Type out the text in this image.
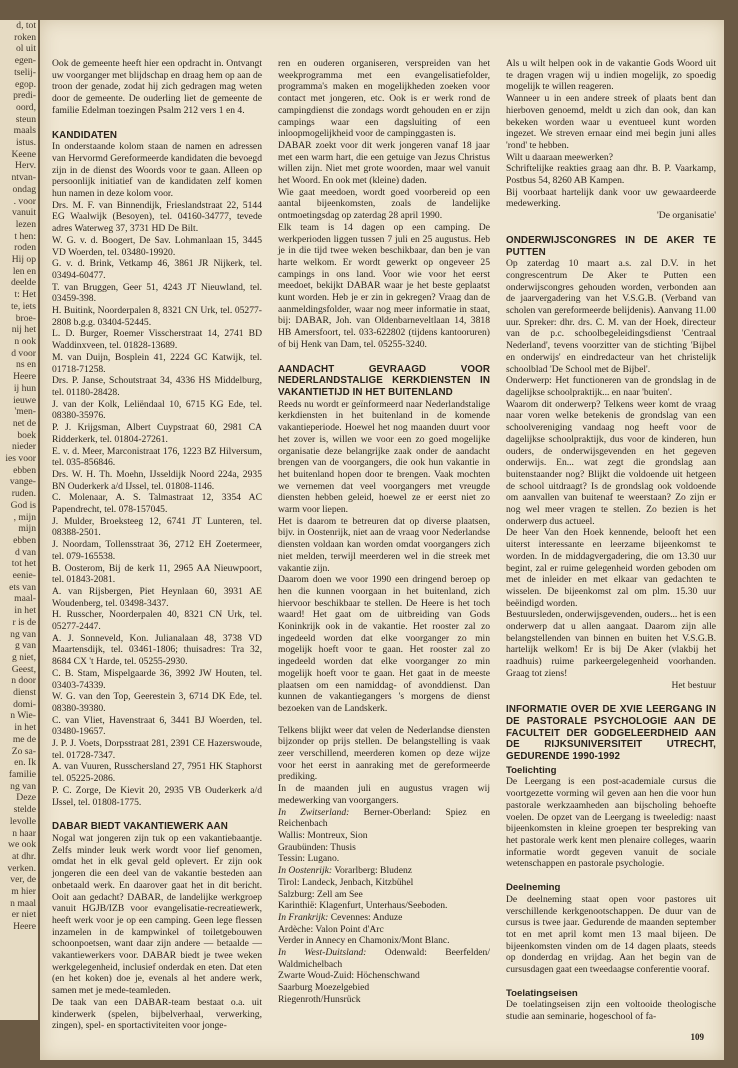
d, tot
roken
ol uit
egen-
tselij-
egop.
predi-
oord,
steun
maals
istus.
Keene
Herv.
ntvan-
ondag
. voor
vanuit
lezen
t hen:
roden
Hij op
len en
deelde
t: Het
te, iets
broe-
nij het
n ook
d voor
ns en
Heere
ij hun
ieuwe
'men-
net de
boek
nieder
ies voor
ebben
vange-
ruden.
God is
, mijn
mijn
ebben
d van
tot het
eenie-
ets van
maal-
in het
r is de
ng van
g van
g niet,
Geest,
n door
dienst
domi-
n Wie-
in het
me de
Zo sa-
en. Ik
familie
ng van
Deze
stelde
levolle
n haar
we ook
at dhr.
verken.
ver, de
m hier
n maal
er niet
Heere

Ook de gemeente heeft hier een opdracht in. Ontvangt uw voorganger met blijdschap en draag hem op aan de troon der genade, zodat hij zich gedragen mag weten door de gemeente. De ouderling liet de gemeente de familie Edelman toezingen Psalm 212 vers 1 en 4.

KANDIDATEN

In onderstaande kolom staan de namen en adressen van Hervormd Gereformeerde kandidaten die bevoegd zijn in de dienst des Woords voor te gaan. Alleen op persoonlijk initiatief van de kandidaten zelf komen hun namen in deze kolom voor.

Drs. M. F. van Binnendijk, Frieslandstraat 22, 5144 EG Waalwijk (Besoyen), tel. 04160-34777, tevede adres Waterweg 37, 3731 HD De Bilt.

W. G. v. d. Boogert, De Sav. Lohmanlaan 15, 3445 VD Woerden, tel. 03480-19920.

G. v. d. Brink, Vetkamp 46, 3861 JR Nijkerk, tel. 03494-60477.

T. van Bruggen, Geer 51, 4243 JT Nieuwland, tel. 03459-398.

H. Buitink, Noorderpalen 8, 8321 CN Urk, tel. 05277-2808 b.g.g. 03404-52445.

L. D. Burger, Roemer Visscherstraat 14, 2741 BD Waddinxveen, tel. 01828-13689.

M. van Duijn, Bosplein 41, 2224 GC Katwijk, tel. 01718-71258.

Drs. P. Janse, Schoutstraat 34, 4336 HS Middelburg, tel. 01180-28428.

J. van der Kolk, Leliëndaal 10, 6715 KG Ede, tel. 08380-35976.

P. J. Krijgsman, Albert Cuypstraat 60, 2981 CA Ridderkerk, tel. 01804-27261.

E. v. d. Meer, Marconistraat 176, 1223 BZ Hilversum, tel. 035-856846.

Drs. W. H. Th. Moehn, IJsseldijk Noord 224a, 2935 BN Ouderkerk a/d IJssel, tel. 01808-1146.

C. Molenaar, A. S. Talmastraat 12, 3354 AC Papendrecht, tel. 078-157045.

J. Mulder, Broeksteeg 12, 6741 JT Lunteren, tel. 08388-2501.

J. Noordam, Tollensstraat 36, 2712 EH Zoetermeer, tel. 079-165538.

B. Oosterom, Bij de kerk 11, 2965 AA Nieuwpoort, tel. 01843-2081.

A. van Rijsbergen, Piet Heynlaan 60, 3931 AE Woudenberg, tel. 03498-3437.

H. Russcher, Noorderpalen 40, 8321 CN Urk, tel. 05277-2447.

A. J. Sonneveld, Kon. Julianalaan 48, 3738 VD Maartensdijk, tel. 03461-1806; thuisadres: Tra 32, 8684 CX 't Harde, tel. 05255-2930.

C. B. Stam, Mispelgaarde 36, 3992 JW Houten, tel. 03403-74339.

W. G. van den Top, Geerestein 3, 6714 DK Ede, tel. 08380-39380.

C. van Vliet, Havenstraat 6, 3441 BJ Woerden, tel. 03480-19657.

J. P. J. Voets, Dorpsstraat 281, 2391 CE Hazerswoude, tel. 01728-7347.

A. van Vuuren, Russchersland 27, 7951 HK Staphorst tel. 05225-2086.

P. C. Zorge, De Kievit 20, 2935 VB Ouderkerk a/d IJssel, tel. 01808-1775.

DABAR BIEDT VAKANTIEWERK AAN

Nogal wat jongeren zijn tuk op een vakantiebaantje. Zelfs minder leuk werk wordt voor lief genomen, omdat het in elk geval geld oplevert. Er zijn ook jongeren die een deel van de vakantie besteden aan onbetaald werk. En daarover gaat het in dit bericht. Ooit aan gedacht? DABAR, de landelijke werkgroep vanuit HGJB/IZB voor evangelisatie-recreatiewerk, heeft werk voor je op een camping. Geen lege flessen inzamelen in de kampwinkel of toiletgebouwen schoonpoetsen, want daar zijn andere — betaalde — vakantiewerkers voor. DABAR biedt je twee weken werkgelegenheid, inclusief onderdak en eten. Dat eten (en het koken) doe je, evenals al het andere werk, samen met je mede-teamleden.

De taak van een DABAR-team bestaat o.a. uit kinderwerk (spelen, bijbelverhaal, verwerking, zingen), spel- en sportactiviteiten voor jonge-

ren en ouderen organiseren, verspreiden van het weekprogramma met een evangelisatiefolder, programma's maken en mogelijkheden zoeken voor contact met jongeren, etc. Ook is er werk rond de campingdienst die zondags wordt gehouden en er zijn campings waar een dagsluiting of een inloopmogelijkheid voor de campinggasten is.

DABAR zoekt voor dit werk jongeren vanaf 18 jaar met een warm hart, die een getuige van Jezus Christus willen zijn. Niet met grote woorden, maar wel vanuit het Woord. En ook met (kleine) daden.

Wie gaat meedoen, wordt goed voorbereid op een aantal bijeenkomsten, zoals de landelijke ontmoetingsdag op zaterdag 28 april 1990.

Elk team is 14 dagen op een camping. De werkperioden liggen tussen 7 juli en 25 augustus. Heb je in die tijd twee weken beschikbaar, dan ben je van harte welkom. Er wordt gewerkt op ongeveer 25 campings in ons land. Voor wie voor het eerst meedoet, bekijkt DABAR waar je het beste geplaatst kunt worden. Heb je er zin in gekregen? Vraag dan de aanmeldingsfolder, waar nog meer informatie in staat, bij: DABAR, Joh. van Oldenbarneveltlaan 14, 3818 HB Amersfoort, tel. 033-622802 (tijdens kantooruren) of bij Henk van Dam, tel. 05255-3240.

AANDACHT GEVRAAGD VOOR NEDERLANDSTALIGE KERKDIENSTEN IN VAKANTIETIJD IN HET BUITENLAND

Reeds nu wordt er geïnformeerd naar Nederlandstalige kerkdiensten in het buitenland in de komende vakantieperiode. Hoewel het nog maanden duurt voor het zover is, willen we voor een zo goed mogelijke organisatie deze belangrijke zaak onder de aandacht brengen van de voorgangers, die ook hun vakantie in het buitenland hopen door te brengen. Vaak mochten we vernemen dat veel voorgangers met vreugde diensten hebben geleid, hoewel ze er eerst niet zo warm voor liepen.

Het is daarom te betreuren dat op diverse plaatsen, bijv. in Oostenrijk, niet aan de vraag voor Nederlandse diensten voldaan kan worden omdat voorgangers zich niet melden, terwijl meerderen wel in die streek met vakantie zijn.

Daarom doen we voor 1990 een dringend beroep op hen die kunnen voorgaan in het buitenland, zich hiervoor beschikbaar te stellen. De Heere is het toch waard! Het gaat om de uitbreiding van Gods Koninkrijk ook in de vakantie. Het rooster zal zo ingedeeld worden dat elke voorganger zo min mogelijk hoeft voor te gaan. Het rooster zal zo ingedeeld worden dat elke voorganger zo min mogelijk hoeft voor te gaan. Het gaat in de meeste plaatsen om een namiddag- of avonddienst. Dan kunnen de vakantiegangers 's morgens de dienst bezoeken van de Landskerk.

Telkens blijkt weer dat velen de Nederlandse diensten bijzonder op prijs stellen. De belangstelling is vaak zeer verschillend, meerderen komen op deze wijze voor het eerst in aanraking met de gereformeerde prediking.

In de maanden juli en augustus vragen wij medewerking van voorgangers.

In Zwitserland: Berner-Oberland: Spiez en Reichenbach

Wallis: Montreux, Sion

Graubünden: Thusis

Tessin: Lugano.

In Oostenrijk: Vorarlberg: Bludenz

Tirol: Landeck, Jenbach, Kitzbühel

Salzburg: Zell am See

Karinthië: Klagenfurt, Unterhaus/Seeboden.

In Frankrijk: Cevennes: Anduze

Ardèche: Valon Point d'Arc

Verder in Annecy en Chamonix/Mont Blanc.

In West-Duitsland: Odenwald: Beerfelden/ Waldmichelbach

Zwarte Woud-Zuid: Höchenschwand

Saarburg Moezelgebied

Riegenroth/Hunsrück

Als u wilt helpen ook in de vakantie Gods Woord uit te dragen vragen wij u indien mogelijk, zo spoedig mogelijk te willen reageren.

Wanneer u in een andere streek of plaats bent dan hierboven genoemd, meldt u zich dan ook, dan kan bekeken worden waar u eventueel kunt worden ingezet. We streven ernaar eind mei begin juni alles 'rond' te hebben.

Wilt u daaraan meewerken?

Schriftelijke reakties graag aan dhr. B. P. Vaarkamp, Postbus 54, 8260 AB Kampen.

Bij voorbaat hartelijk dank voor uw gewaardeerde medewerking.

'De organisatie'

ONDERWIJSCONGRES IN DE AKER TE PUTTEN

Op zaterdag 10 maart a.s. zal D.V. in het congrescentrum De Aker te Putten een onderwijscongres gehouden worden, verbonden aan de jaarvergadering van het V.S.G.B. (Verband van scholen van gereformeerde belijdenis). Aanvang 11.00 uur. Spreker: dhr. drs. C. M. van der Hoek, directeur van de p.c. schoolbegeleidingsdienst 'Centraal Nederland', tevens voorzitter van de stichting 'Bijbel en onderwijs' en eindredacteur van het christelijk schoolblad 'De School met de Bijbel'.

Onderwerp: Het functioneren van de grondslag in de dagelijkse schoolpraktijk... en naar 'buiten'.

Waarom dit onderwerp? Telkens weer komt de vraag naar voren welke betekenis de grondslag van een schoolvereniging vandaag nog heeft voor de dagelijkse schoolpraktijk, dus voor de kinderen, hun ouders, de onderwijsgevenden en het gegeven onderwijs. En... wat zegt die grondslag aan buitenstaander nog? Blijkt die voldoende uit hetgeen de school uitdraagt? Is de grondslag ook voldoende om aanvallen van buitenaf te weerstaan? Zo zijn er nog wel meer vragen te stellen. Zo bezien is het onderwerp dus actueel.

De heer Van den Hoek kennende, belooft het een uiterst interessante en leerzame bijeenkomst te worden. In de middagvergadering, die om 13.30 uur begint, zal er ruime gelegenheid worden geboden om met de inleider en met elkaar van gedachten te wisselen. De bijeenkomst zal om plm. 15.30 uur beëindigd worden.

Bestuursleden, onderwijsgevenden, ouders... het is een onderwerp dat u allen aangaat. Daarom zijn alle belangstellenden van binnen en buiten het V.S.G.B. hartelijk welkom! Er is bij De Aker (vlakbij het raadhuis) ruime parkeergelegenheid voorhanden. Graag tot ziens!

Het bestuur

INFORMATIE OVER DE XVIE LEERGANG IN DE PASTORALE PSYCHOLOGIE AAN DE FACULTEIT DER GODGELEERDHEID AAN DE RIJKSUNIVERSITEIT UTRECHT, GEDURENDE 1990-1992
Toelichting

De Leergang is een post-academiale cursus die voortgezette vorming wil geven aan hen die voor hun pastorale werkzaamheden aan bijscholing behoefte voelen. De opzet van de Leergang is tweeledig: naast bijeenkomsten in kleine groepen ter bespreking van het pastorale werk kent men plenaire colleges, waarin informatie wordt gegeven vanuit de sociale wetenschappen en pastorale psychologie.

Deelneming

De deelneming staat open voor pastores uit verschillende kerkgenootschappen. De duur van de cursus is twee jaar. Gedurende de maanden september tot en met april komt men 13 maal bijeen. De bijeenkomsten vinden om de 14 dagen plaats, steeds op donderdag en vrijdag. Aan het begin van de cursusdagen gaat een tweedaagse conferentie vooraf.

Toelatingseisen

De toelatingseisen zijn een voltooide theologische studie aan seminarie, hogeschool of fa-

109
